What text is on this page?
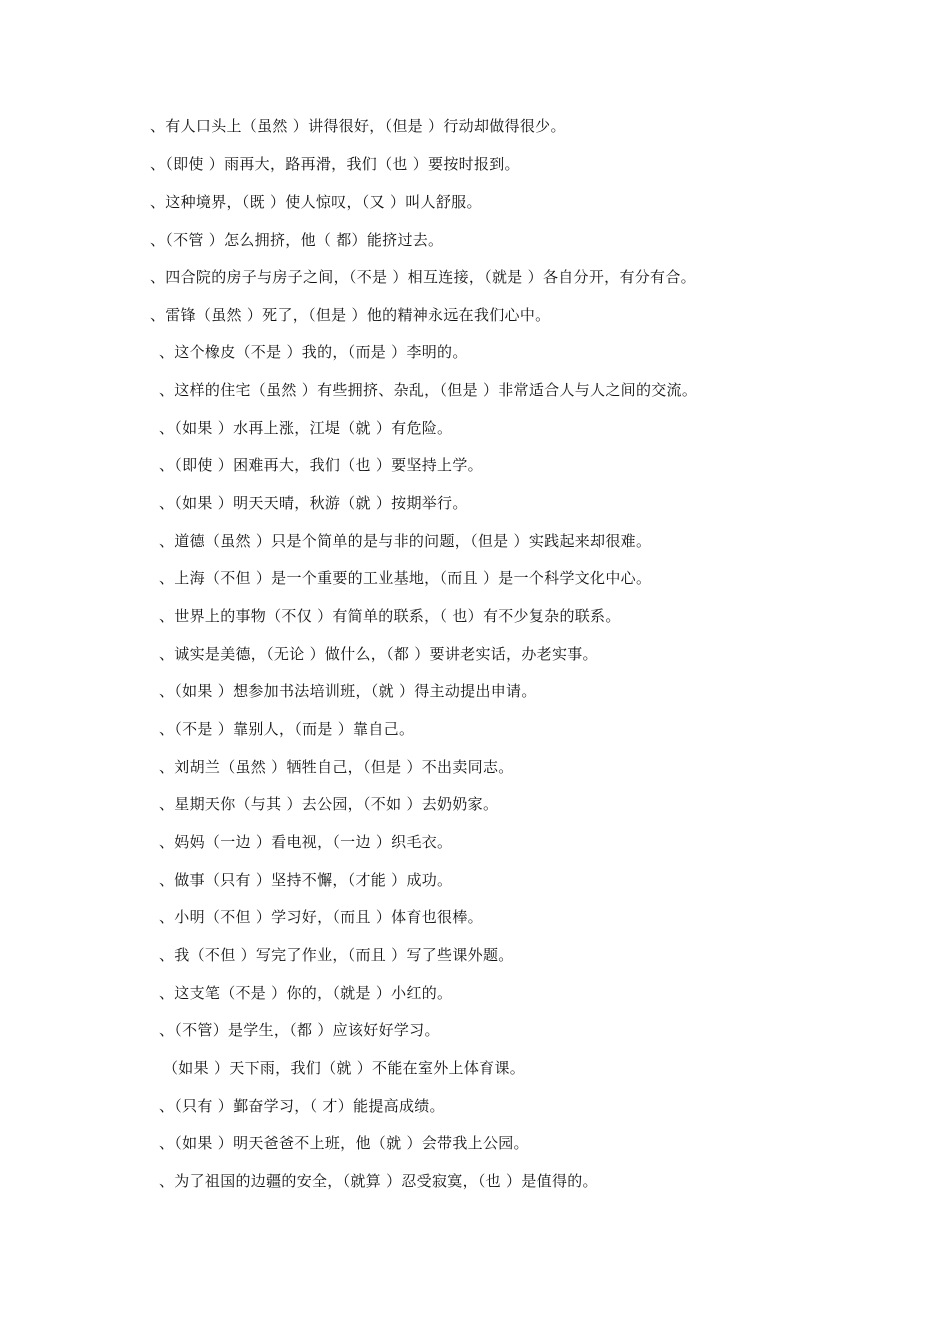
、有人口头上（虽然 ）讲得很好，（但是 ）行动却做得很少。
、（即使 ）雨再大，路再滑，我们（也 ）要按时报到。
、这种境界，（既 ）使人惊叹，（又 ）叫人舒服。
、（不管 ）怎么拥挤，他（ 都）能挤过去。
、四合院的房子与房子之间，（不是 ）相互连接，（就是 ）各自分开，有分有合。
、雷锋（虽然 ）死了，（但是 ）他的精神永远在我们心中。
、这个橡皮（不是 ）我的，（而是 ）李明的。
、这样的住宅（虽然 ）有些拥挤、杂乱，（但是 ）非常适合人与人之间的交流。
、（如果 ）水再上涨，江堤（就 ）有危险。
、（即使 ）困难再大，我们（也 ）要坚持上学。
、（如果 ）明天天晴，秋游（就 ）按期举行。
、道德（虽然 ）只是个简单的是与非的问题，（但是 ）实践起来却很难。
、上海（不但 ）是一个重要的工业基地，（而且 ）是一个科学文化中心。
、世界上的事物（不仅 ）有简单的联系，（ 也）有不少复杂的联系。
、诚实是美德，（无论 ）做什么，（都 ）要讲老实话，办老实事。
、（如果 ）想参加书法培训班，（就 ）得主动提出申请。
、（不是 ）靠别人，（而是 ）靠自己。
、刘胡兰（虽然 ）牺牲自己，（但是 ）不出卖同志。
、星期天你（与其 ）去公园，（不如 ）去奶奶家。
、妈妈（一边 ）看电视，（一边 ）织毛衣。
、做事（只有 ）坚持不懈，（才能 ）成功。
、小明（不但 ）学习好，（而且 ）体育也很棒。
、我（不但 ）写完了作业，（而且 ）写了些课外题。
、这支笔（不是 ）你的，（就是 ）小红的。
、（不管）是学生，（都 ）应该好好学习。
（如果 ）天下雨，我们（就 ）不能在室外上体育课。
、（只有 ）鄞奋学习，（ 才）能提高成绩。
、（如果 ）明天爸爸不上班，他（就 ）会带我上公园。
、为了祖国的边疆的安全，（就算 ）忍受寂寞，（也 ）是值得的。
